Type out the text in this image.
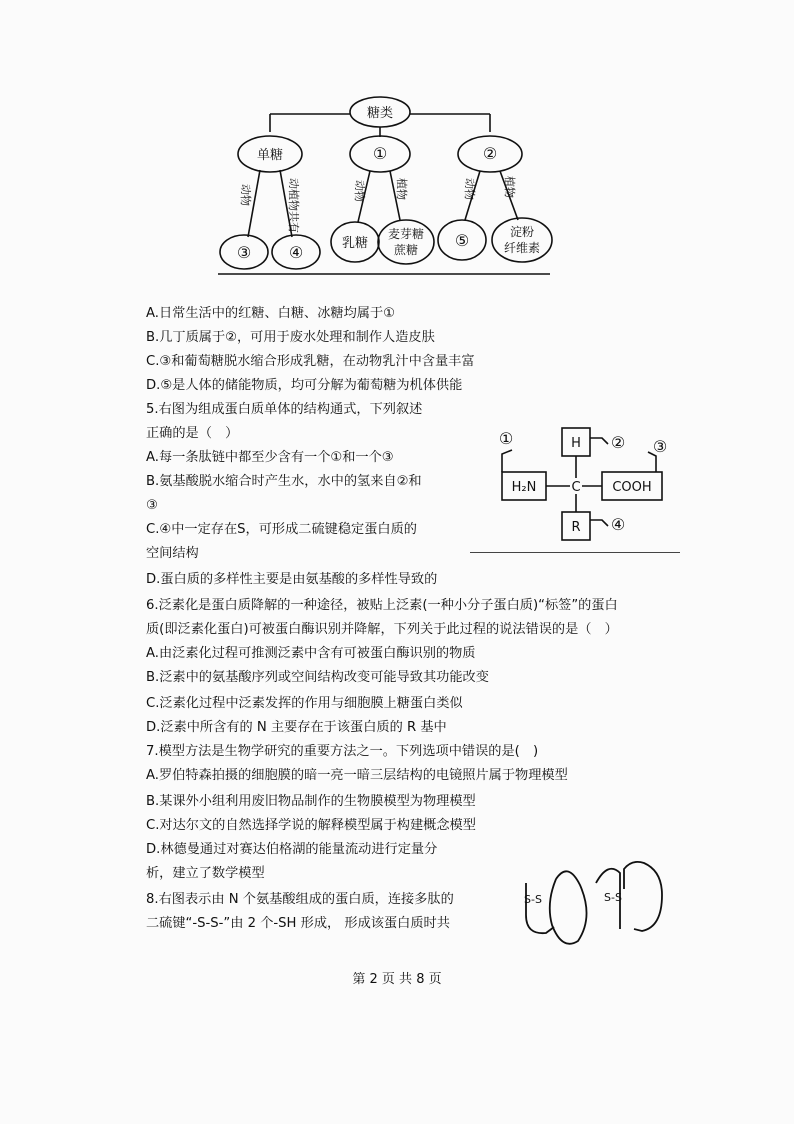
糖类
单糖	①	②
③ ④	乳糖
麦芽糖
蔗糖 ⑤	淀粉
纤维素
动物	动植物共有	动物	植物	动物 植物
A.日常生活中的红糖、白糖、冰糖均属于①
B.几丁质属于②，可用于废水处理和制作人造皮肤
C.③和葡萄糖脱水缩合形成乳糖，在动物乳汁中含量丰富
D.⑤是人体的储能物质，均可分解为葡萄糖为机体供能
5.右图为组成蛋白质单体的结构通式，下列叙述
正确的是（　）
A.每一条肽链中都至少含有一个①和一个③
B.氨基酸脱水缩合时产生水，水中的氢来自②和
③
C.④中一定存在S，可形成二硫键稳定蛋白质的
空间结构
D.蛋白质的多样性主要是由氨基酸的多样性导致的
H
H₂N	C COOH
R
①	② ③
④
6.泛素化是蛋白质降解的一种途径，被贴上泛素(一种小分子蛋白质)“标签”的蛋白
质(即泛素化蛋白)可被蛋白酶识别并降解，下列关于此过程的说法错误的是（　）
A.由泛素化过程可推测泛素中含有可被蛋白酶识别的物质
B.泛素中的氨基酸序列或空间结构改变可能导致其功能改变
C.泛素化过程中泛素发挥的作用与细胞膜上糖蛋白类似
D.泛素中所含有的 N 主要存在于该蛋白质的 R 基中
7.模型方法是生物学研究的重要方法之一。下列选项中错误的是(　)
A.罗伯特森拍摄的细胞膜的暗一亮一暗三层结构的电镜照片属于物理模型
B.某课外小组利用废旧物品制作的生物膜模型为物理模型
C.对达尔文的自然选择学说的解释模型属于构建概念模型
D.林德曼通过对赛达伯格湖的能量流动进行定量分
析，建立了数学模型
8.右图表示由 N 个氨基酸组成的蛋白质，连接多肽的
二硫键“-S-S-”由 2 个-SH 形成， 形成该蛋白质时共
S-S	S-S
第 2 页 共 8 页
